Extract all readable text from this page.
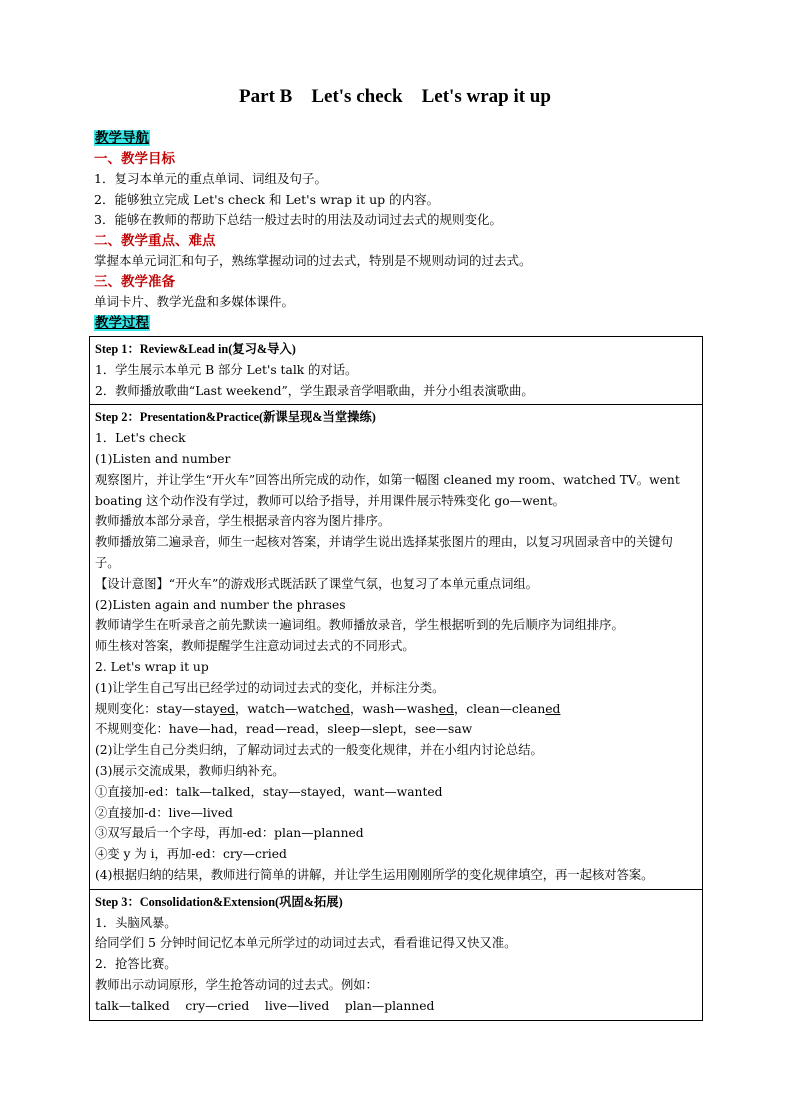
Part B    Let's check    Let's wrap it up
教学导航
一、教学目标
1．复习本单元的重点单词、词组及句子。
2．能够独立完成 Let's check 和 Let's wrap it up 的内容。
3．能够在教师的帮助下总结一般过去时的用法及动词过去式的规则变化。
二、教学重点、难点
掌握本单元词汇和句子，熟练掌握动词的过去式，特别是不规则动词的过去式。
三、教学准备
单词卡片、教学光盘和多媒体课件。
教学过程
Step 1：Review&Lead in(复习&导入)
1．学生展示本单元 B 部分 Let's talk 的对话。
2．教师播放歌曲“Last weekend”，学生跟录音学唱歌曲，并分小组表演歌曲。

Step 2：Presentation&Practice(新课呈现&当堂操练)
1．Let's check
(1)Listen and number
观察图片，并让学生“开火车”回答出所完成的动作，如第一幅图 cleaned my room、watched TV。went boating 这个动作没有学过，教师可以给予指导，并用课件展示特殊变化 go—went。
教师播放本部分录音，学生根据录音内容为图片排序。
教师播放第二遍录音，师生一起核对答案，并请学生说出选择某张图片的理由，以复习巩固录音中的关键句子。
【设计意图】“开火车”的游戏形式既活跃了课堂气氛，也复习了本单元重点词组。
(2)Listen again and number the phrases
教师请学生在听录音之前先默读一遍词组。教师播放录音，学生根据听到的先后顺序为词组排序。
师生核对答案，教师提醒学生注意动词过去式的不同形式。
2. Let's wrap it up
(1)让学生自己写出已经学过的动词过去式的变化，并标注分类。
规则变化：stay—stayed，watch—watched，wash—washed，clean—cleaned
不规则变化：have—had，read—read，sleep—slept，see—saw
(2)让学生自己分类归纳，了解动词过去式的一般变化规律，并在小组内讨论总结。
(3)展示交流成果，教师归纳补充。
①直接加-ed：talk—talked，stay—stayed，want—wanted
②直接加-d：live—lived
③双写最后一个字母，再加-ed：plan—planned
④变 y 为 i，再加-ed：cry—cried
(4)根据归纳的结果，教师进行简单的讲解，并让学生运用刚刚所学的变化规律填空，再一起核对答案。

Step 3：Consolidation&Extension(巩固&拓展)
1．头脑风暴。
给同学们 5 分钟时间记忆本单元所学过的动词过去式，看看谁记得又快又准。
2．抢答比赛。
教师出示动词原形，学生抢答动词的过去式。例如：
talk—talked    cry—cried    live—lived    plan—planned
